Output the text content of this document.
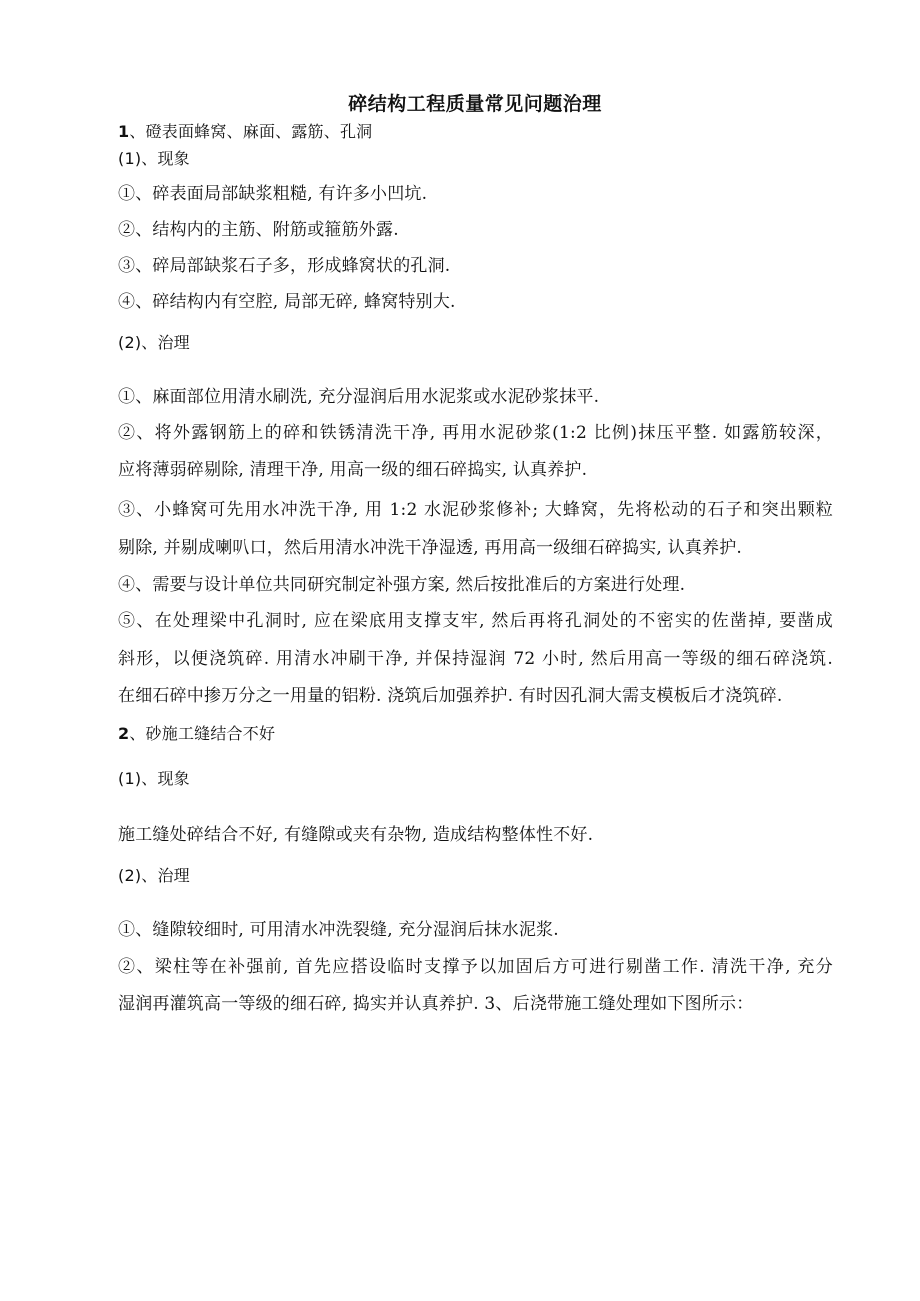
碎结构工程质量常见问题治理
1、磴表面蜂窝、麻面、露筋、孔洞
(1)、现象
①、碎表面局部缺浆粗糙, 有许多小凹坑.
②、结构内的主筋、附筋或箍筋外露.
③、碎局部缺浆石子多，形成蜂窝状的孔洞.
④、碎结构内有空腔, 局部无碎, 蜂窝特别大.
(2)、治理
①、麻面部位用清水刷洗, 充分湿润后用水泥浆或水泥砂浆抹平.
②、将外露钢筋上的碎和铁锈清洗干净, 再用水泥砂浆(1:2 比例)抹压平整. 如露筋较深，
应将薄弱碎剔除, 清理干净, 用高一级的细石碎捣实, 认真养护.
③、小蜂窝可先用水冲洗干净, 用 1:2 水泥砂浆修补; 大蜂窝，先将松动的石子和突出颗粒
剔除, 并剔成喇叭口，然后用清水冲洗干净湿透, 再用高一级细石碎捣实, 认真养护.
④、需要与设计单位共同研究制定补强方案, 然后按批准后的方案进行处理.
⑤、在处理梁中孔洞时, 应在梁底用支撑支牢, 然后再将孔洞处的不密实的佐凿掉, 要凿成
斜形，以便浇筑碎. 用清水冲刷干净, 并保持湿润 72 小时, 然后用高一等级的细石碎浇筑.
在细石碎中掺万分之一用量的铝粉. 浇筑后加强养护. 有时因孔洞大需支模板后才浇筑碎.
2、砂施工缝结合不好
(1)、现象
施工缝处碎结合不好, 有缝隙或夹有杂物, 造成结构整体性不好.
(2)、治理
①、缝隙较细时, 可用清水冲洗裂缝, 充分湿润后抹水泥浆.
②、梁柱等在补强前, 首先应搭设临时支撑予以加固后方可进行剔凿工作. 清洗干净, 充分
湿润再灌筑高一等级的细石碎, 捣实并认真养护. 3、后浇带施工缝处理如下图所示：
